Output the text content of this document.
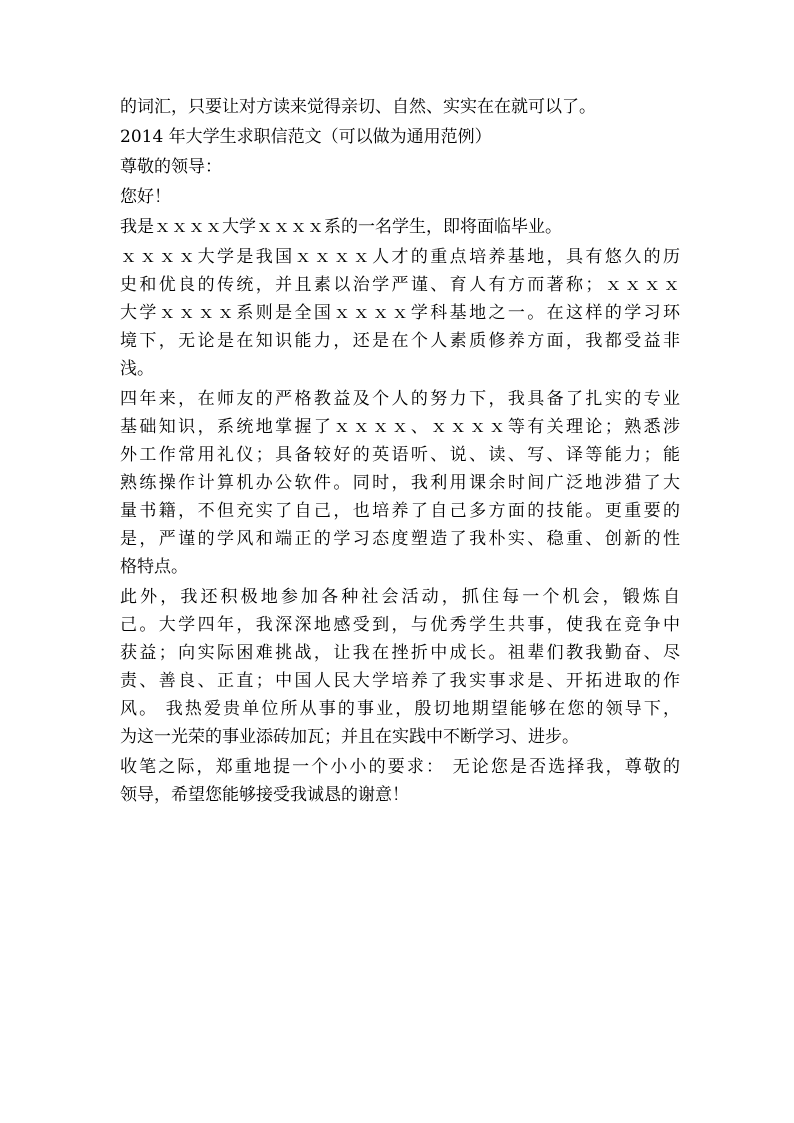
的词汇，只要让对方读来觉得亲切、自然、实实在在就可以了。
2014 年大学生求职信范文（可以做为通用范例）
尊敬的领导：
您好！
我是ｘｘｘｘ大学ｘｘｘｘ系的一名学生，即将面临毕业。
ｘｘｘｘ大学是我国ｘｘｘｘ人才的重点培养基地，具有悠久的历
史和优良的传统，并且素以治学严谨、育人有方而著称；ｘｘｘｘ
大学ｘｘｘｘ系则是全国ｘｘｘｘ学科基地之一。在这样的学习环
境下，无论是在知识能力，还是在个人素质修养方面，我都受益非
浅。
四年来，在师友的严格教益及个人的努力下，我具备了扎实的专业
基础知识，系统地掌握了ｘｘｘｘ、ｘｘｘｘ等有关理论；熟悉涉
外工作常用礼仪；具备较好的英语听、说、读、写、译等能力；能
熟练操作计算机办公软件。同时，我利用课余时间广泛地涉猎了大
量书籍，不但充实了自己，也培养了自己多方面的技能。更重要的
是，严谨的学风和端正的学习态度塑造了我朴实、稳重、创新的性
格特点。
此外，我还积极地参加各种社会活动，抓住每一个机会，锻炼自
己。大学四年，我深深地感受到，与优秀学生共事，使我在竞争中
获益；向实际困难挑战，让我在挫折中成长。祖辈们教我勤奋、尽
责、善良、正直；中国人民大学培养了我实事求是、开拓进取的作
风。 我热爱贵单位所从事的事业，殷切地期望能够在您的领导下，
为这一光荣的事业添砖加瓦；并且在实践中不断学习、进步。
收笔之际，郑重地提一个小小的要求： 无论您是否选择我，尊敬的
领导，希望您能够接受我诚恳的谢意！
